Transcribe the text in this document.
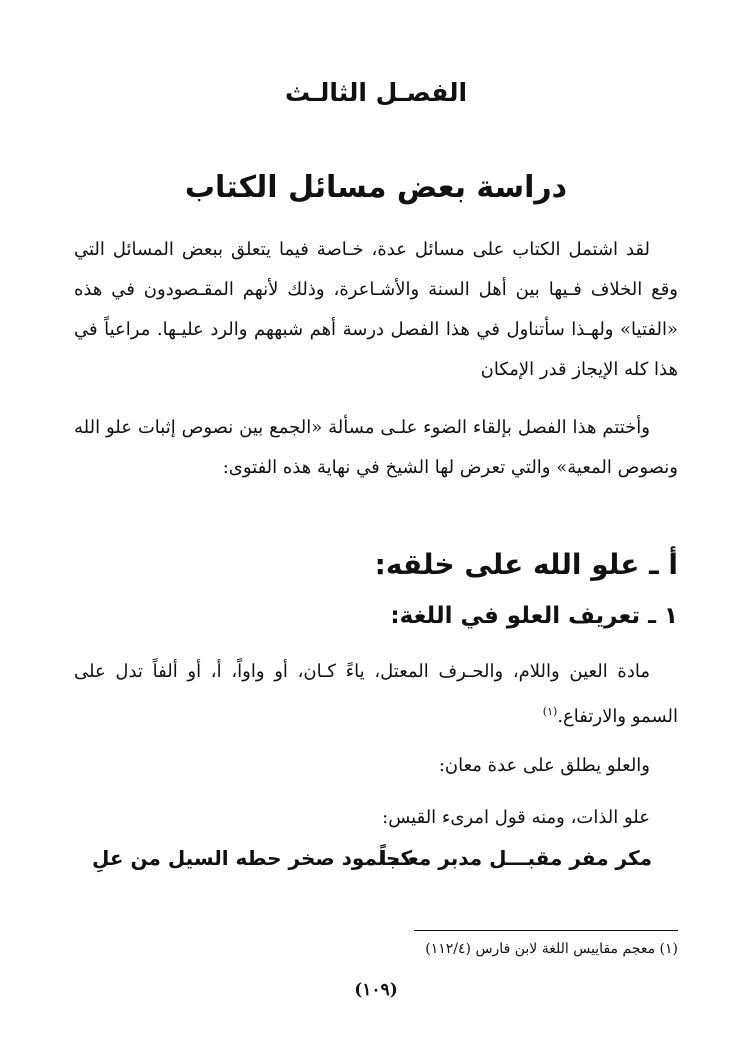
الفصـل الثالـث
دراسة بعض مسائل الكتاب

لقد اشتمل الكتاب على مسائل عدة، خـاصة فيما يتعلق ببعض المسائل التي وقع الخلاف فـيها بين أهل السنة والأشـاعرة، وذلك لأنهم المقـصودون في هذه «الفتيا» ولهـذا سأتناول في هذا الفصل درسة أهم شبههم والرد عليـها. مراعياً في هذا كله الإيجاز قدر الإمكان

وأختتم هذا الفصل بإلقاء الضوء علـى مسألة «الجمع بين نصوص إثبات علو الله ونصوص المعية» والتي تعرض لها الشيخ في نهاية هذه الفتوى:

أ ـ علو الله على خلقه:
١ ـ تعريف العلو في اللغة:

مادة العين واللام، والحـرف المعتل، ياءً كـان، أو واواً، أ، أو ألفاً تدل على السمو والارتفاع.$^{(١)}$

والعلو يطلق على عدة معان:
علو الذات، ومنه قول امرىء القيس:
مكر مفر مقبـــل مدبر معـــاً
كجلمود صخر حطه السيل من علِ
(١) معجم مقاييس اللغة لابن فارس (١١٢/٤)
(١٠٩)
